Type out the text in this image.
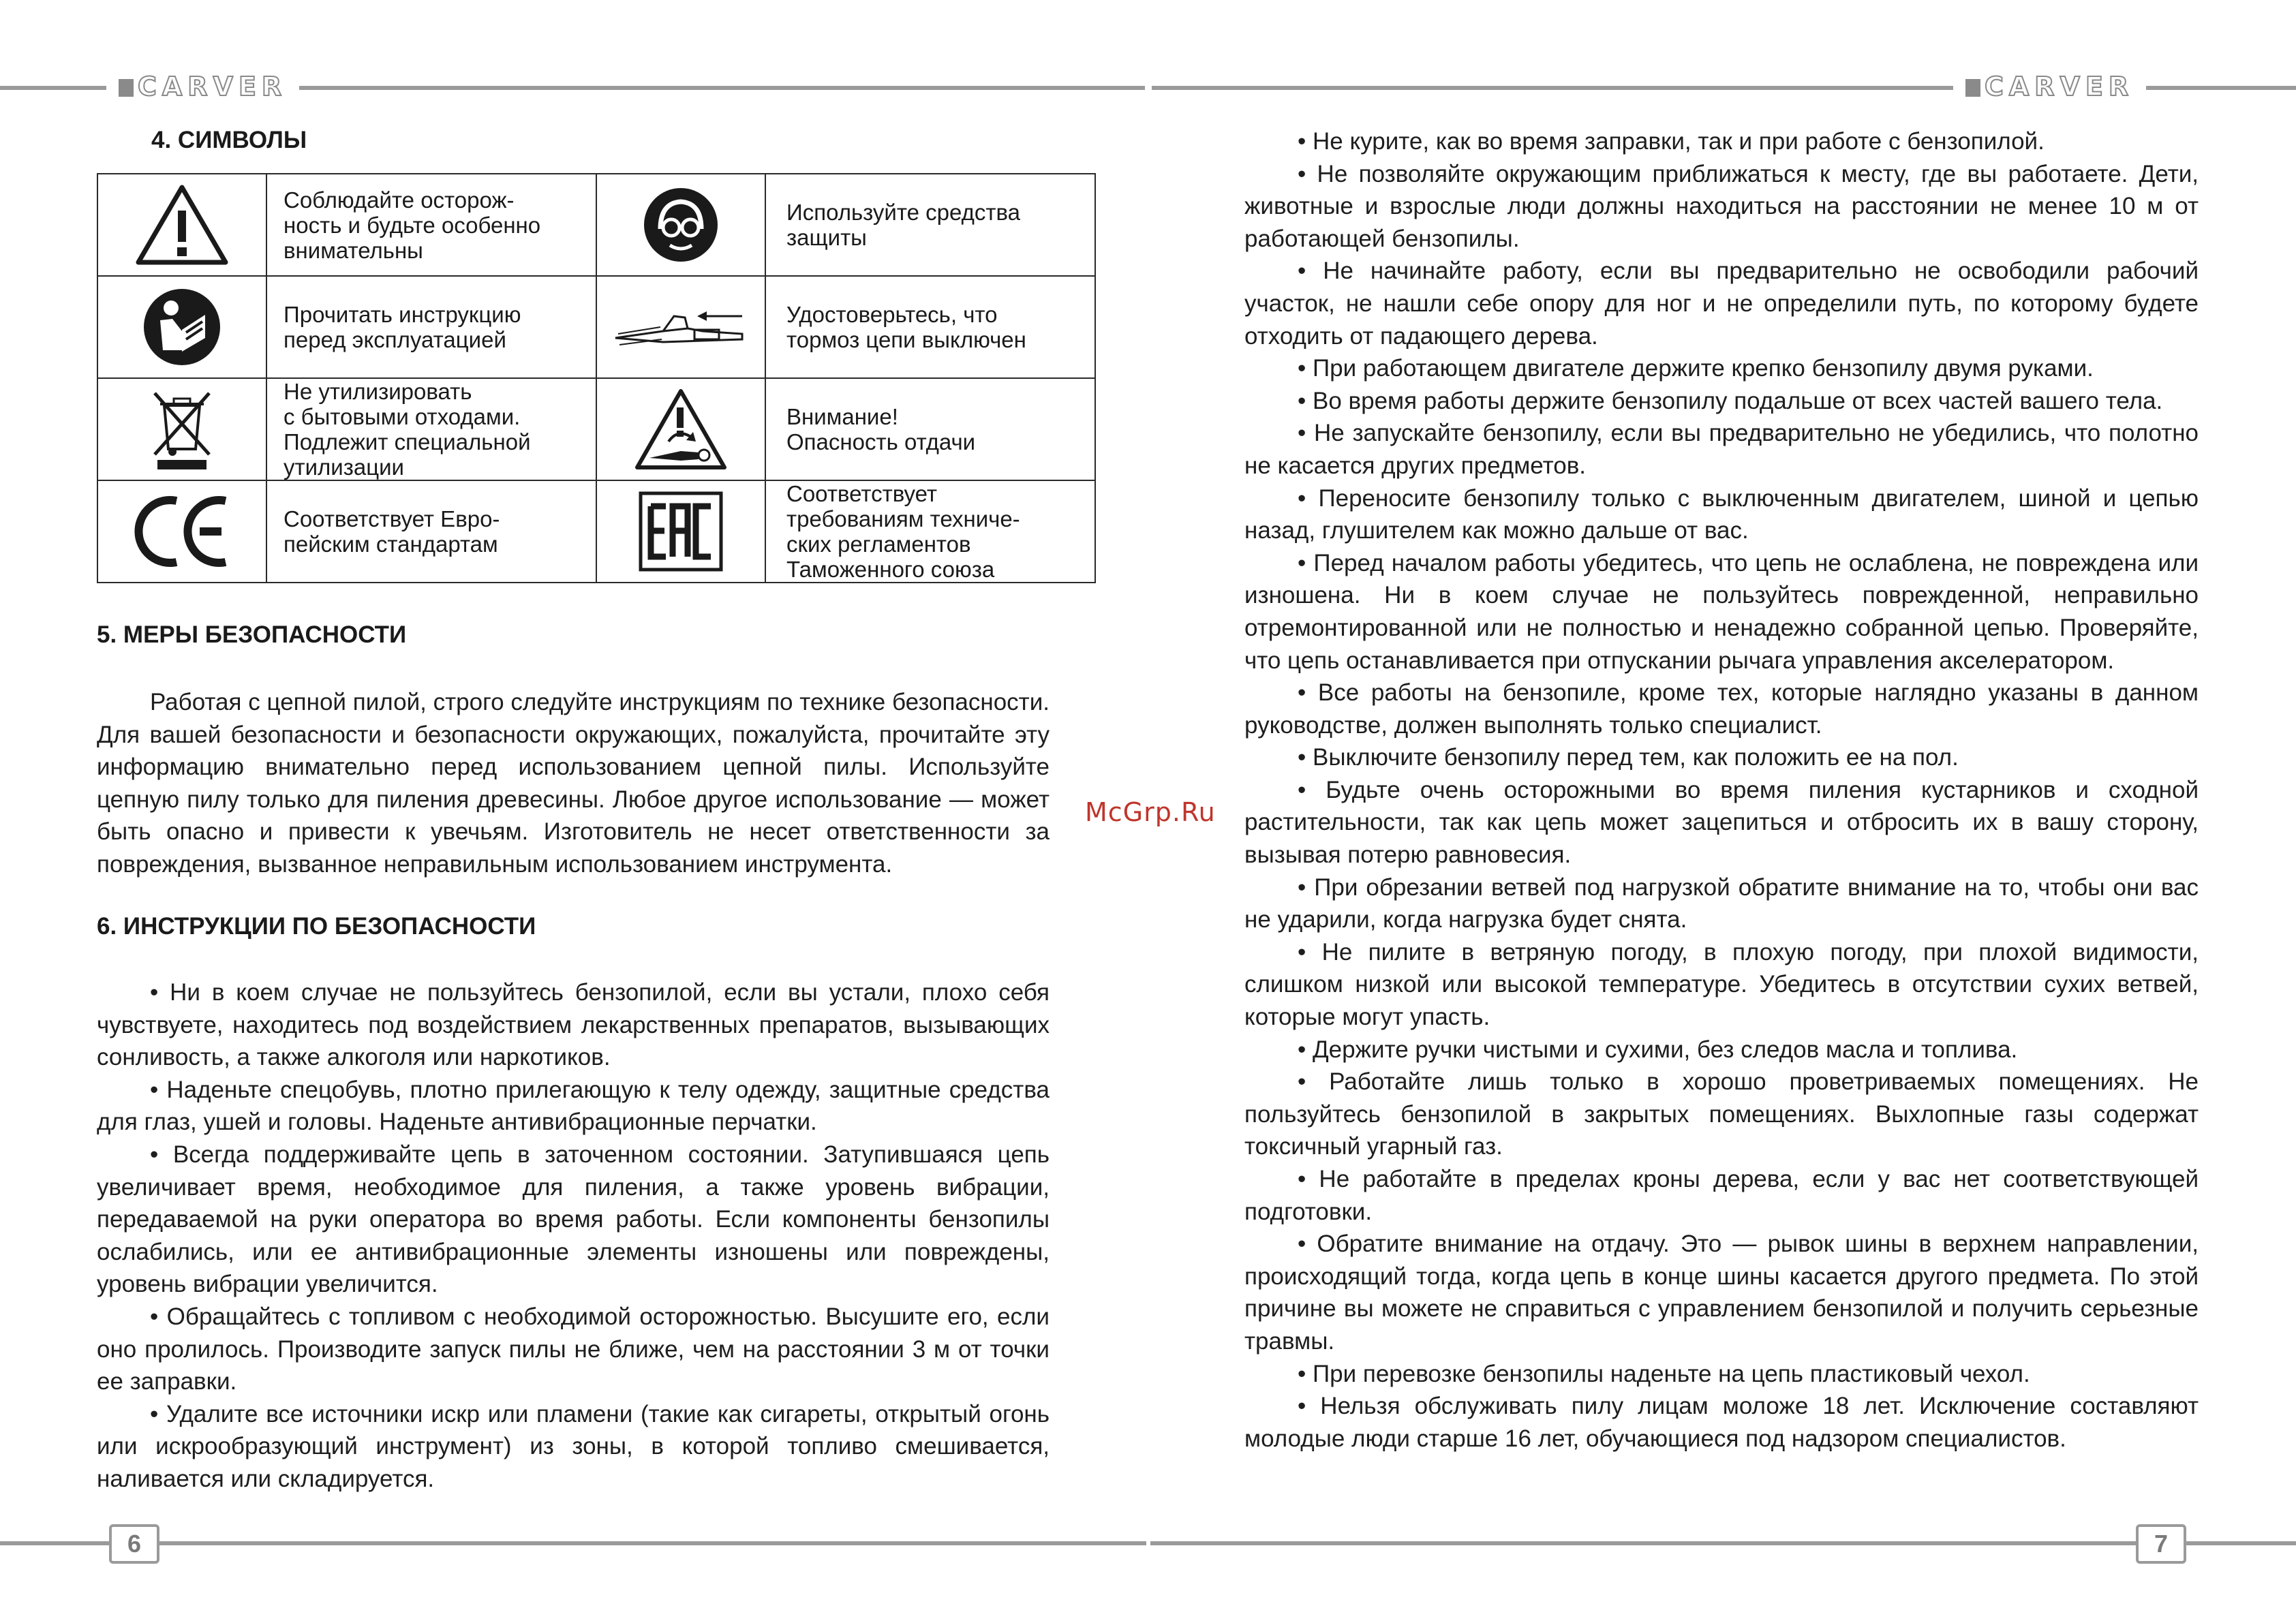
CARVER	CARVER
4. СИМВОЛЫ
	Соблюдайте осторож-
ность и будьте особенно
внимательны		Используйте средства
защиты

	Прочитать инструкцию
перед эксплуатацией		Удостоверьтесь, что
тормоз цепи выключен

	Не утилизировать
с бытовыми отходами.
Подлежит специальной
утилизации		Внимание!
Опасность отдачи

	Соответствует Евро-
пейским стандартам		Соответствует
требованиям техниче-
ских регламентов
Таможенного союза
5. МЕРЫ БЕЗОПАСНОСТИ

Работая с цепной пилой, строго следуйте инструкциям по технике безопасности. Для вашей безопасности и безопасности окружающих, пожалуйста, прочитайте эту информацию внимательно перед использованием цепной пилы. Используйте цепную пилу только для пиления древесины. Любое другое использование — может быть опасно и привести к увечьям. Изготовитель не несет ответственности за повреждения, вызванное неправильным использованием инструмента.

6. ИНСТРУКЦИИ ПО БЕЗОПАСНОСТИ

• Ни в коем случае не пользуйтесь бензопилой, если вы устали, плохо себя чувствуете, находитесь под воздействием лекарственных препаратов, вызывающих сонливость, а также алкоголя или наркотиков.

• Наденьте спецобувь, плотно прилегающую к телу одежду, защитные средства для глаз, ушей и головы. Наденьте антивибрационные перчатки.

• Всегда поддерживайте цепь в заточенном состоянии. Затупившаяся цепь увеличивает время, необходимое для пиления, а также уровень вибрации, передаваемой на руки оператора во время работы. Если компоненты бензопилы ослабились, или ее антивибрационные элементы изношены или повреждены, уровень вибрации увеличится.

• Обращайтесь с топливом с необходимой осторожностью. Высушите его, если оно пролилось. Производите запуск пилы не ближе, чем на расстоянии 3 м от точки ее заправки.

• Удалите все источники искр или пламени (такие как сигареты, открытый огонь или искрообразующий инструмент) из зоны, в которой топливо смешивается, наливается или складируется.

McGrp.Ru

• Не курите, как во время заправки, так и при работе с бензопилой.

• Не позволяйте окружающим приближаться к месту, где вы работаете. Дети, животные и взрослые люди должны находиться на расстоянии не менее 10 м от работающей бензопилы.

• Не начинайте работу, если вы предварительно не освободили рабочий участок, не нашли себе опору для ног и не определили путь, по которому будете отходить от падающего дерева.

• При работающем двигателе держите крепко бензопилу двумя руками.

• Во время работы держите бензопилу подальше от всех частей вашего тела.

• Не запускайте бензопилу, если вы предварительно не убедились, что полотно не касается других предметов.

• Переносите бензопилу только с выключенным двигателем, шиной и цепью назад, глушителем как можно дальше от вас.

• Перед началом работы убедитесь, что цепь не ослаблена, не повреждена или изношена. Ни в коем случае не пользуйтесь поврежденной, неправильно отремонтированной или не полностью и ненадежно собранной цепью. Проверяйте, что цепь останавливается при отпускании рычага управления акселератором.

• Все работы на бензопиле, кроме тех, которые наглядно указаны в данном руководстве, должен выполнять только специалист.

• Выключите бензопилу перед тем, как положить ее на пол.

• Будьте очень осторожными во время пиления кустарников и сходной растительности, так как цепь может зацепиться и отбросить их в вашу сторону, вызывая потерю равновесия.

• При обрезании ветвей под нагрузкой обратите внимание на то, чтобы они вас не ударили, когда нагрузка будет снята.

• Не пилите в ветряную погоду, в плохую погоду, при плохой видимости, слишком низкой или высокой температуре. Убедитесь в отсутствии сухих ветвей, которые могут упасть.

• Держите ручки чистыми и сухими, без следов масла и топлива.

• Работайте лишь только в хорошо проветриваемых помещениях. Не пользуйтесь бензопилой в закрытых помещениях. Выхлопные газы содержат токсичный угарный газ.

• Не работайте в пределах кроны дерева, если у вас нет соответствующей подготовки.

• Обратите внимание на отдачу. Это — рывок шины в верхнем направлении, происходящий тогда, когда цепь в конце шины касается другого предмета. По этой причине вы можете не справиться с управлением бензопилой и получить серьезные травмы.

• При перевозке бензопилы наденьте на цепь пластиковый чехол.

• Нельзя обслуживать пилу лицам моложе 18 лет. Исключение составляют молодые люди старше 16 лет, обучающиеся под надзором специалистов.

6	7
